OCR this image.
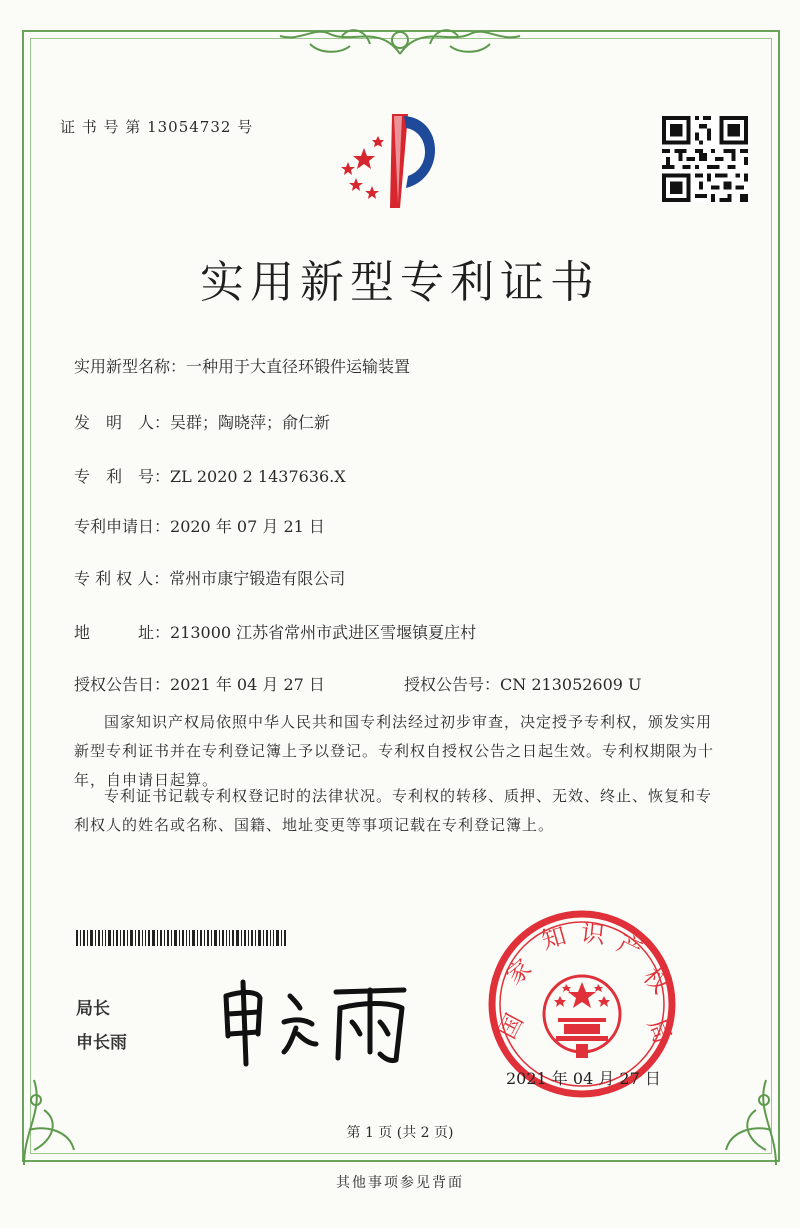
证 书 号 第 13054732 号
实用新型专利证书
实用新型名称：一种用于大直径环锻件运输装置
发　明　人：吴群；陶晓萍；俞仁新
专　利　号：ZL 2020 2 1437636.X
专利申请日：2020 年 07 月 21 日
专 利 权 人：常州市康宁锻造有限公司
地　　　址：213000 江苏省常州市武进区雪堰镇夏庄村
授权公告日：2021 年 04 月 27 日	授权公告号：CN 213052609 U
国家知识产权局依照中华人民共和国专利法经过初步审查，决定授予专利权，颁发实用新型专利证书并在专利登记簿上予以登记。专利权自授权公告之日起生效。专利权期限为十年，自申请日起算。
专利证书记载专利权登记时的法律状况。专利权的转移、质押、无效、终止、恢复和专利权人的姓名或名称、国籍、地址变更等事项记载在专利登记簿上。
局长
申长雨	国
家
知 识 产
权
局
2021 年 04 月 27 日
第 1 页 (共 2 页)
其他事项参见背面
